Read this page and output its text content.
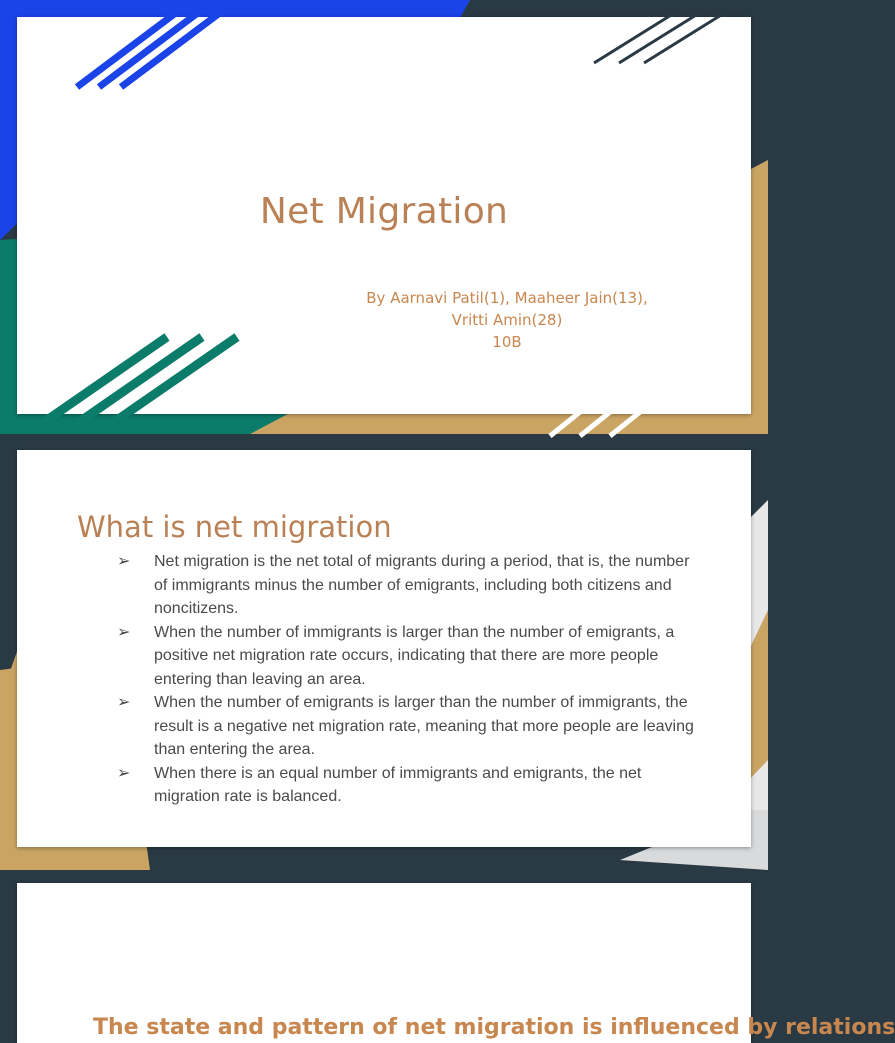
Net Migration
By Aarnavi Patil(1), Maaheer Jain(13),
Vritti Amin(28)
10B
What is net migration
➢ Net migration is the net total of migrants during a period, that is, the number of immigrants minus the number of emigrants, including both citizens and noncitizens.
➢ When the number of immigrants is larger than the number of emigrants, a positive net migration rate occurs, indicating that there are more people entering than leaving an area.
➢ When the number of emigrants is larger than the number of immigrants, the result is a negative net migration rate, meaning that more people are leaving than entering the area.
➢ When there is an equal number of immigrants and emigrants, the net migration rate is balanced.
The state and pattern of net migration is influenced by relations
